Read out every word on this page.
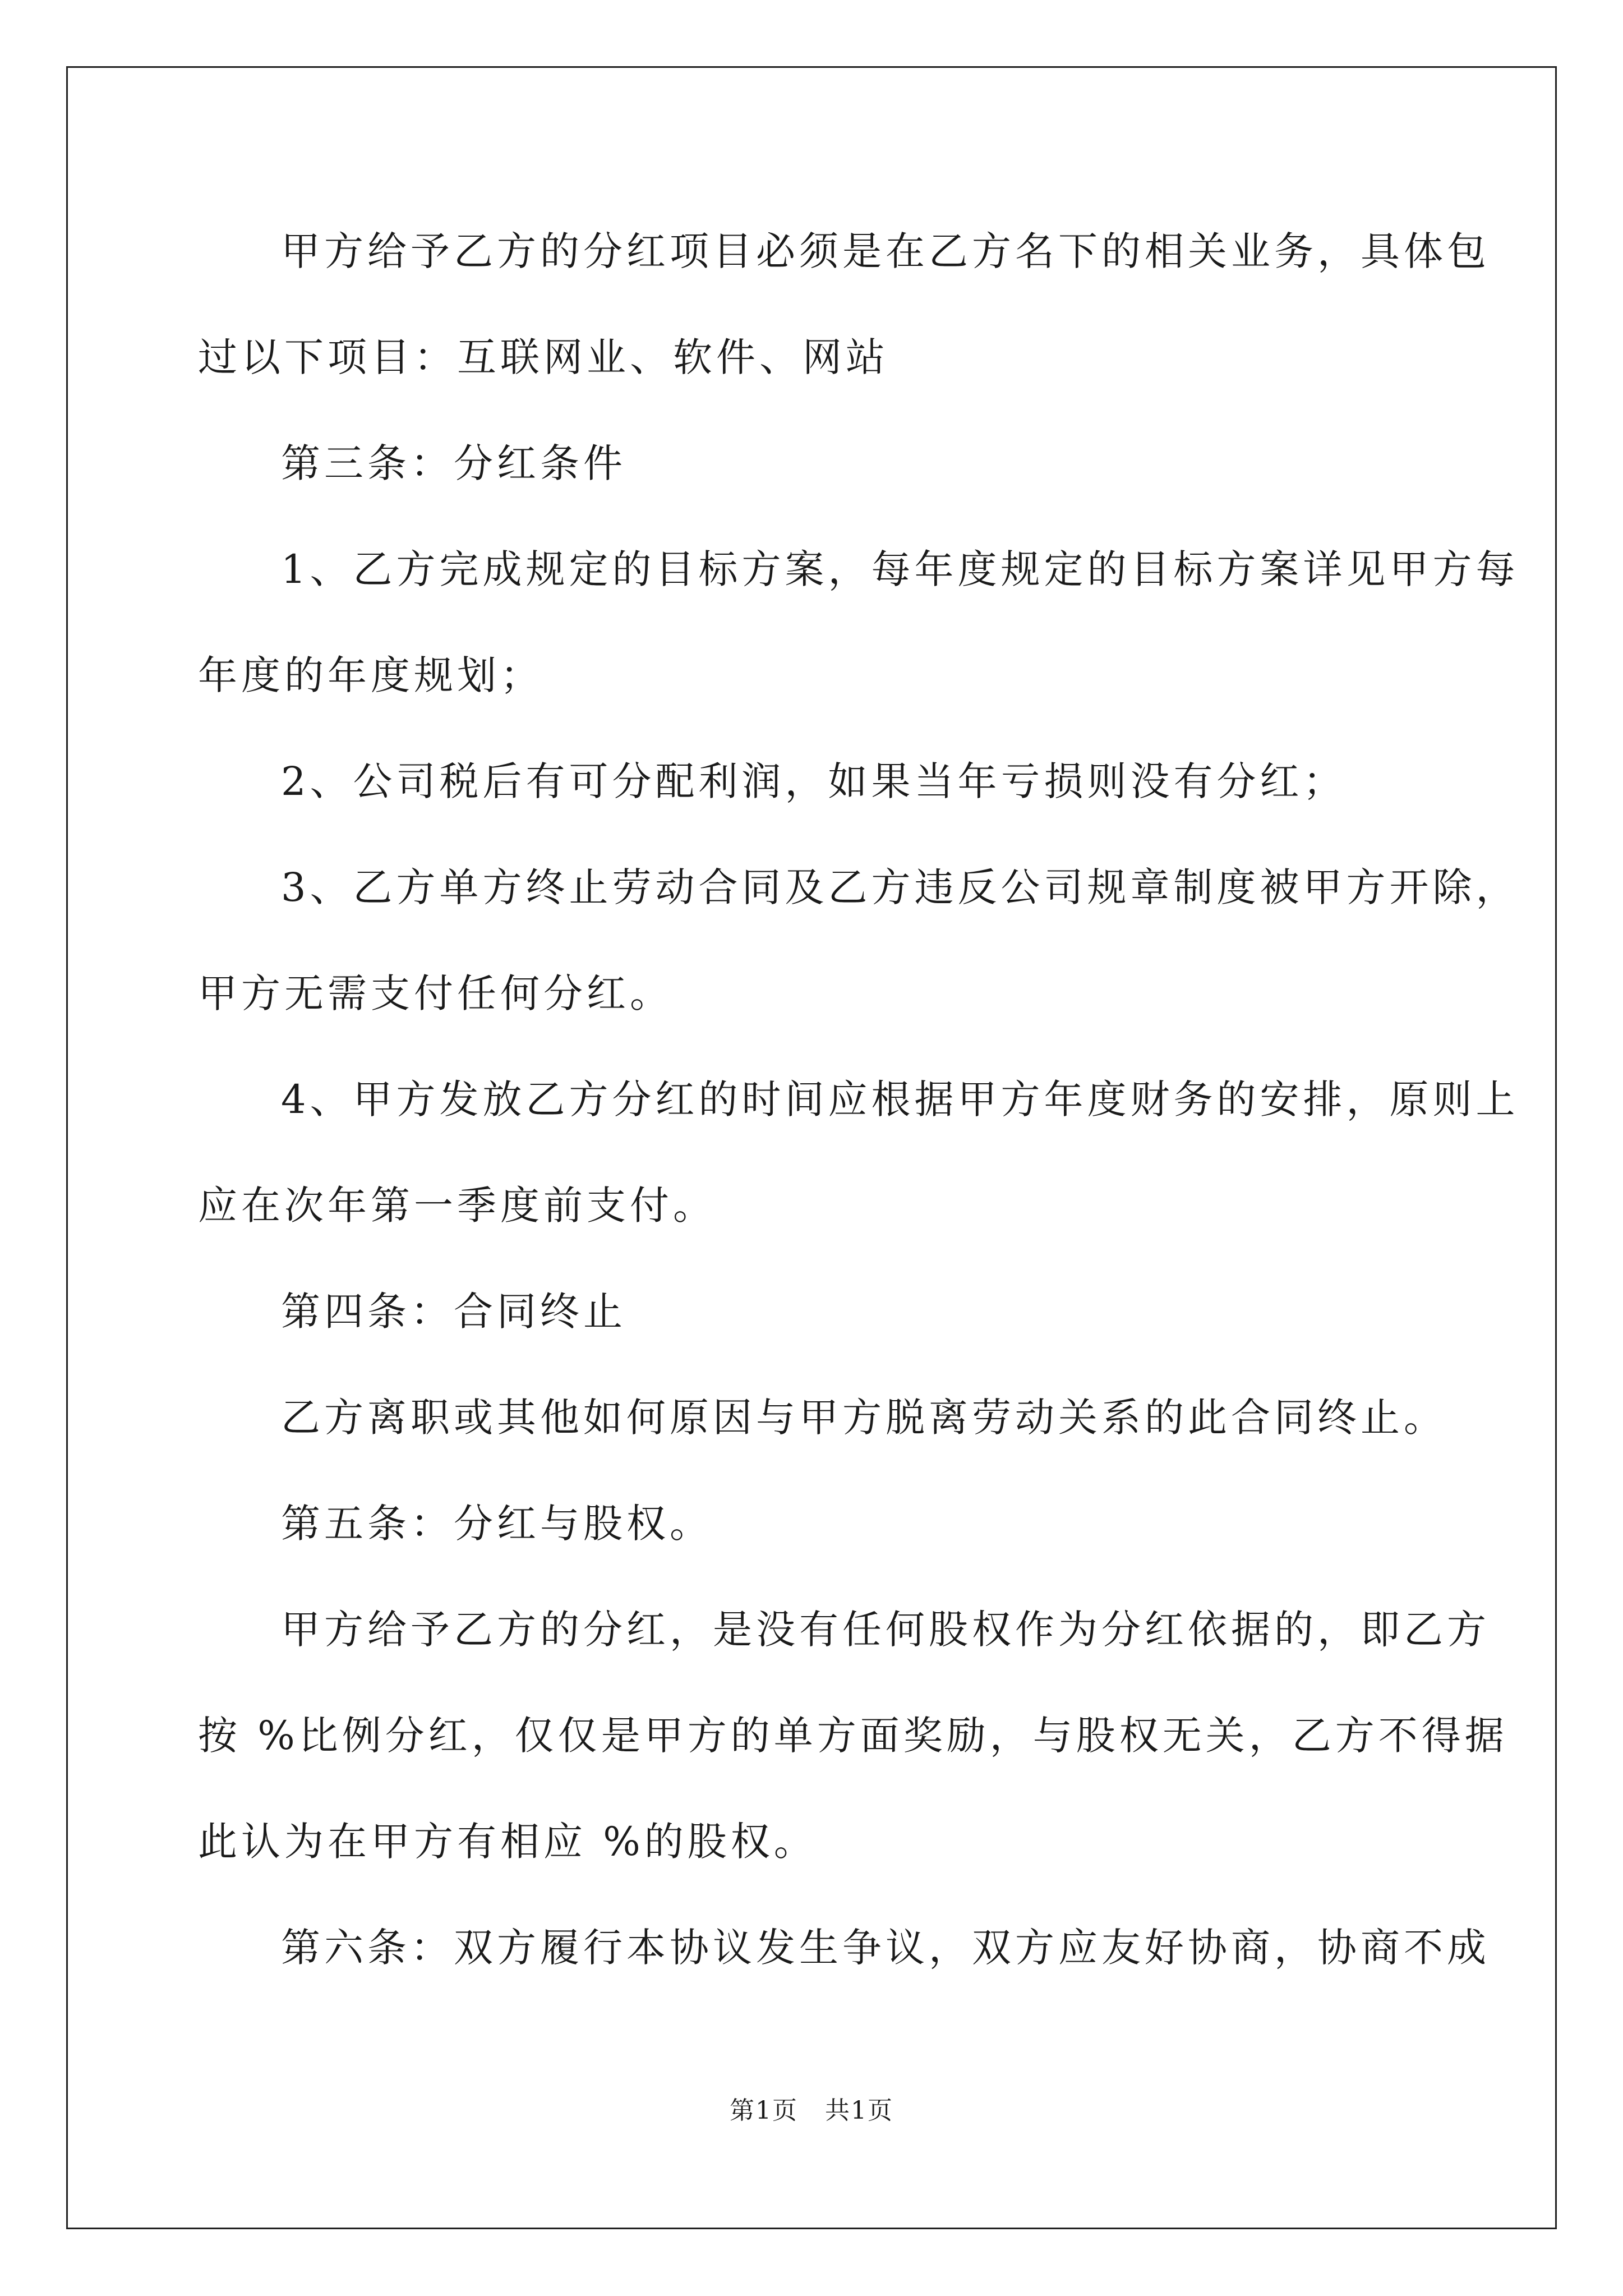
甲方给予乙方的分红项目必须是在乙方名下的相关业务，具体包
过以下项目：互联网业、软件、网站
第三条：分红条件
1、乙方完成规定的目标方案，每年度规定的目标方案详见甲方每
年度的年度规划；
2、公司税后有可分配利润，如果当年亏损则没有分红；
3、乙方单方终止劳动合同及乙方违反公司规章制度被甲方开除，
甲方无需支付任何分红。
4、甲方发放乙方分红的时间应根据甲方年度财务的安排，原则上
应在次年第一季度前支付。
第四条：合同终止
乙方离职或其他如何原因与甲方脱离劳动关系的此合同终止。
第五条：分红与股权。
甲方给予乙方的分红，是没有任何股权作为分红依据的，即乙方
按 %比例分红，仅仅是甲方的单方面奖励，与股权无关，乙方不得据
此认为在甲方有相应 %的股权。
第六条：双方履行本协议发生争议，双方应友好协商，协商不成
第1页 共1页
